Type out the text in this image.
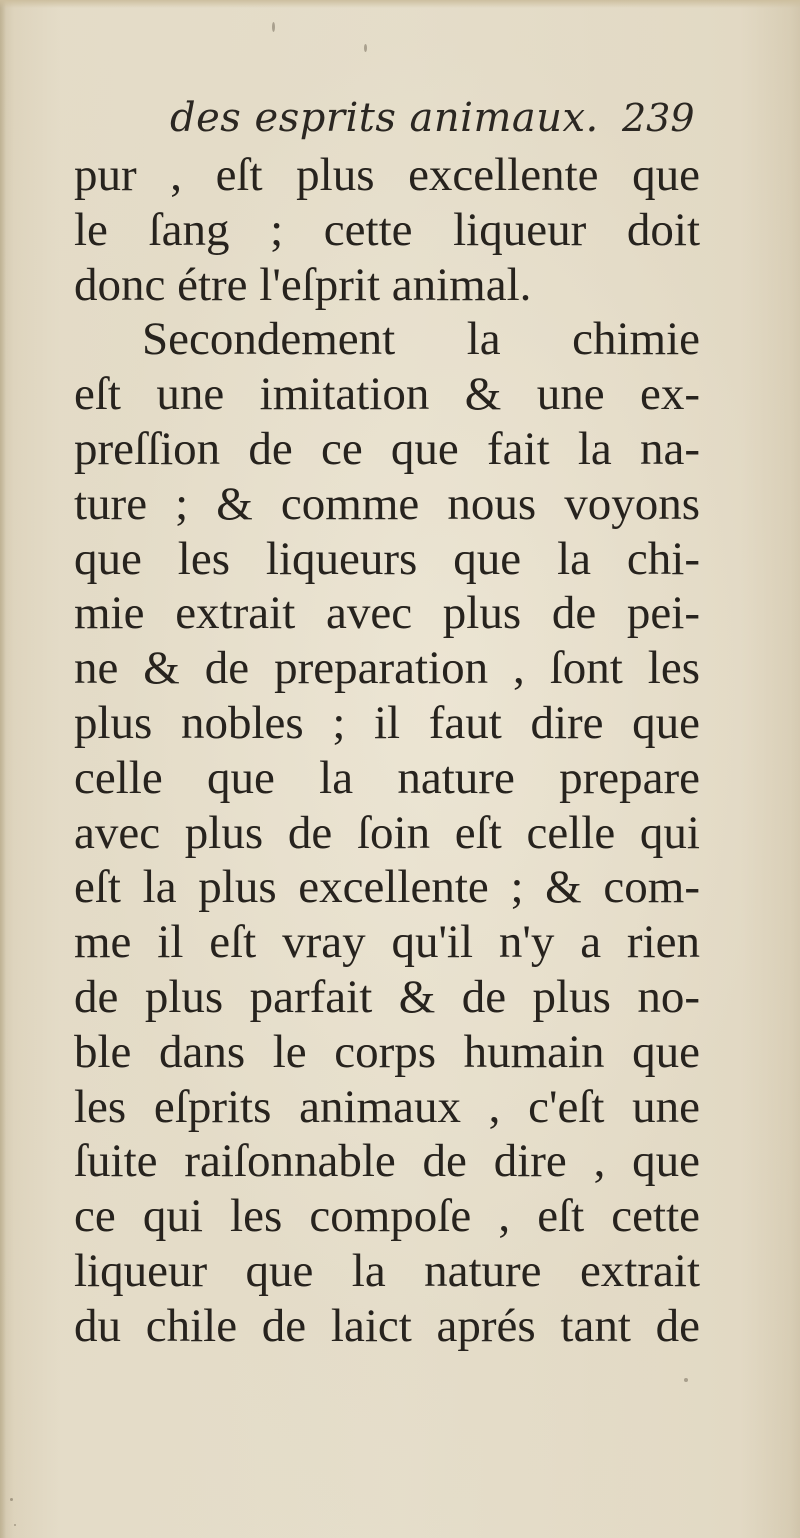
des esprits animaux. 239
pur , eſt plus excellente que
le ſang ; cette liqueur doit
donc étre l'eſprit animal.
Secondement la chimie
eſt une imitation & une ex-
preſſion de ce que fait la na-
ture ; & comme nous voyons
que les liqueurs que la chi-
mie extrait avec plus de pei-
ne & de preparation , ſont les
plus nobles ; il faut dire que
celle que la nature prepare
avec plus de ſoin eſt celle qui
eſt la plus excellente ; & com-
me il eſt vray qu'il n'y a rien
de plus parfait & de plus no-
ble dans le corps humain que
les eſprits animaux , c'eſt une
ſuite raiſonnable de dire , que
ce qui les compoſe , eſt cette
liqueur que la nature extrait
du chile de laict aprés tant de
